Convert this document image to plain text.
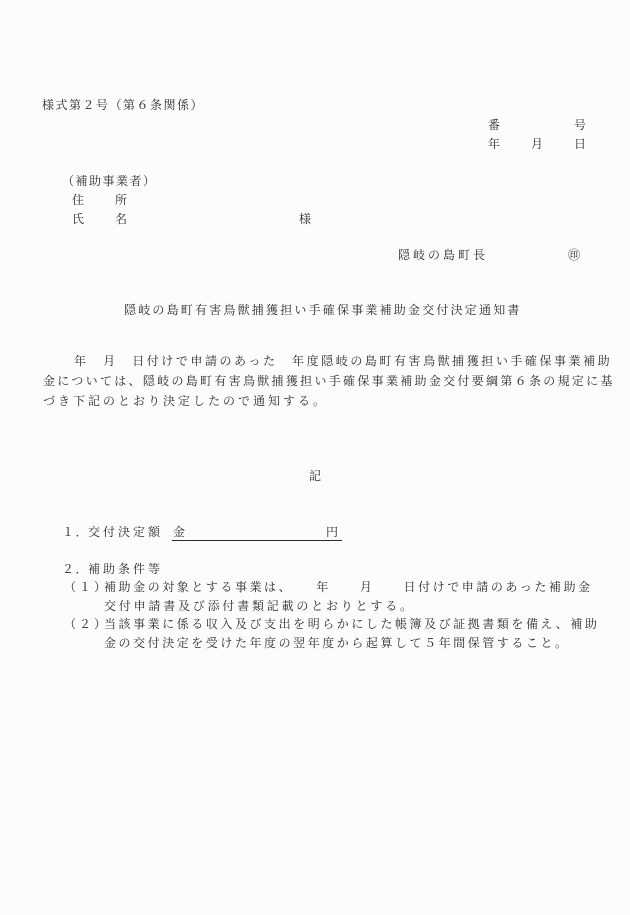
様式第２号（第６条関係）
番	号
年 月 日
（補助事業者）
住 所
氏 名	様
隠岐の島町長	㊞
隠岐の島町有害鳥獣捕獲担い手確保事業補助金交付決定通知書
年　月　日付けで申請のあった　年度隠岐の島町有害鳥獣捕獲担い手確保事業補助
金については、隠岐の島町有害鳥獣捕獲担い手確保事業補助金交付要綱第６条の規定に基
づき下記のとおり決定したので通知する。
記
１．
交付決定額 金	円
２．
補助条件等
（１）
補助金の対象とする事業は、　　年　　月　　日付けで申請のあった補助金
交付申請書及び添付書類記載のとおりとする。
（２）
当該事業に係る収入及び支出を明らかにした帳簿及び証拠書類を備え、補助
金の交付決定を受けた年度の翌年度から起算して５年間保管すること。
